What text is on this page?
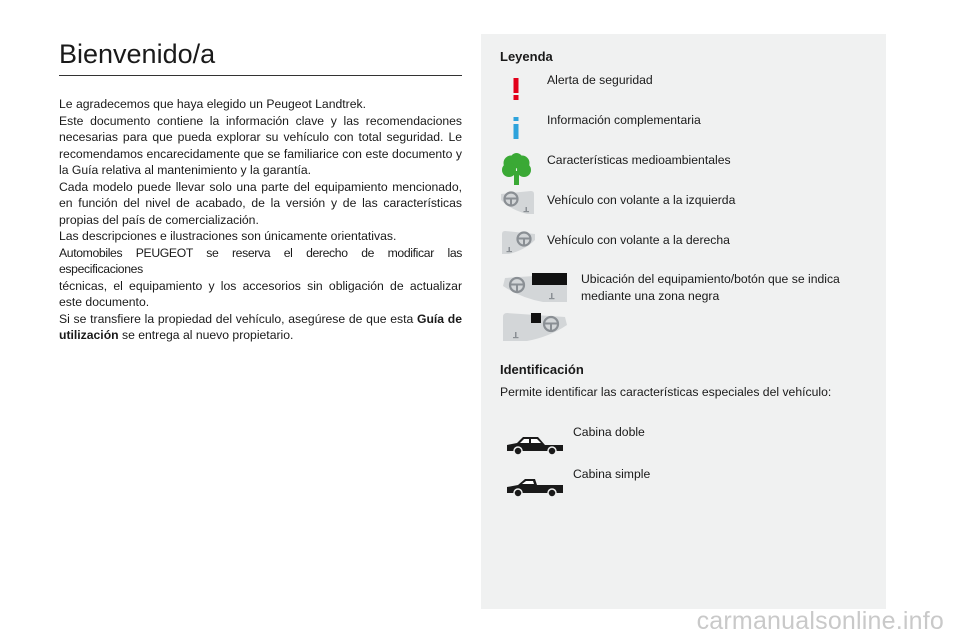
Bienvenido/a

Le agradecemos que haya elegido un Peugeot Landtrek.

Este documento contiene la información clave y las recomendaciones necesarias para que pueda explorar su vehículo con total seguridad. Le recomendamos encarecidamente que se familiarice con este documento y la Guía relativa al mantenimiento y la garantía.

Cada modelo puede llevar solo una parte del equipamiento mencionado, en función del nivel de acabado, de la versión y de las características propias del país de comercialización.

Las descripciones e ilustraciones son únicamente orientativas.

Automobiles PEUGEOT se reserva el derecho de modificar las especificaciones

técnicas, el equipamiento y los accesorios sin obligación de actualizar este documento.

Si se transfiere la propiedad del vehículo, asegúrese de que esta Guía de utilización se entrega al nuevo propietario.

Leyenda
Alerta de seguridad
Información complementaria
Características medioambientales
Vehículo con volante a la izquierda
Vehículo con volante a la derecha
Ubicación del equipamiento/botón que se indica mediante una zona negra
Identificación
Permite identificar las características especiales del vehículo:
Cabina doble
Cabina simple
carmanualsonline.info
